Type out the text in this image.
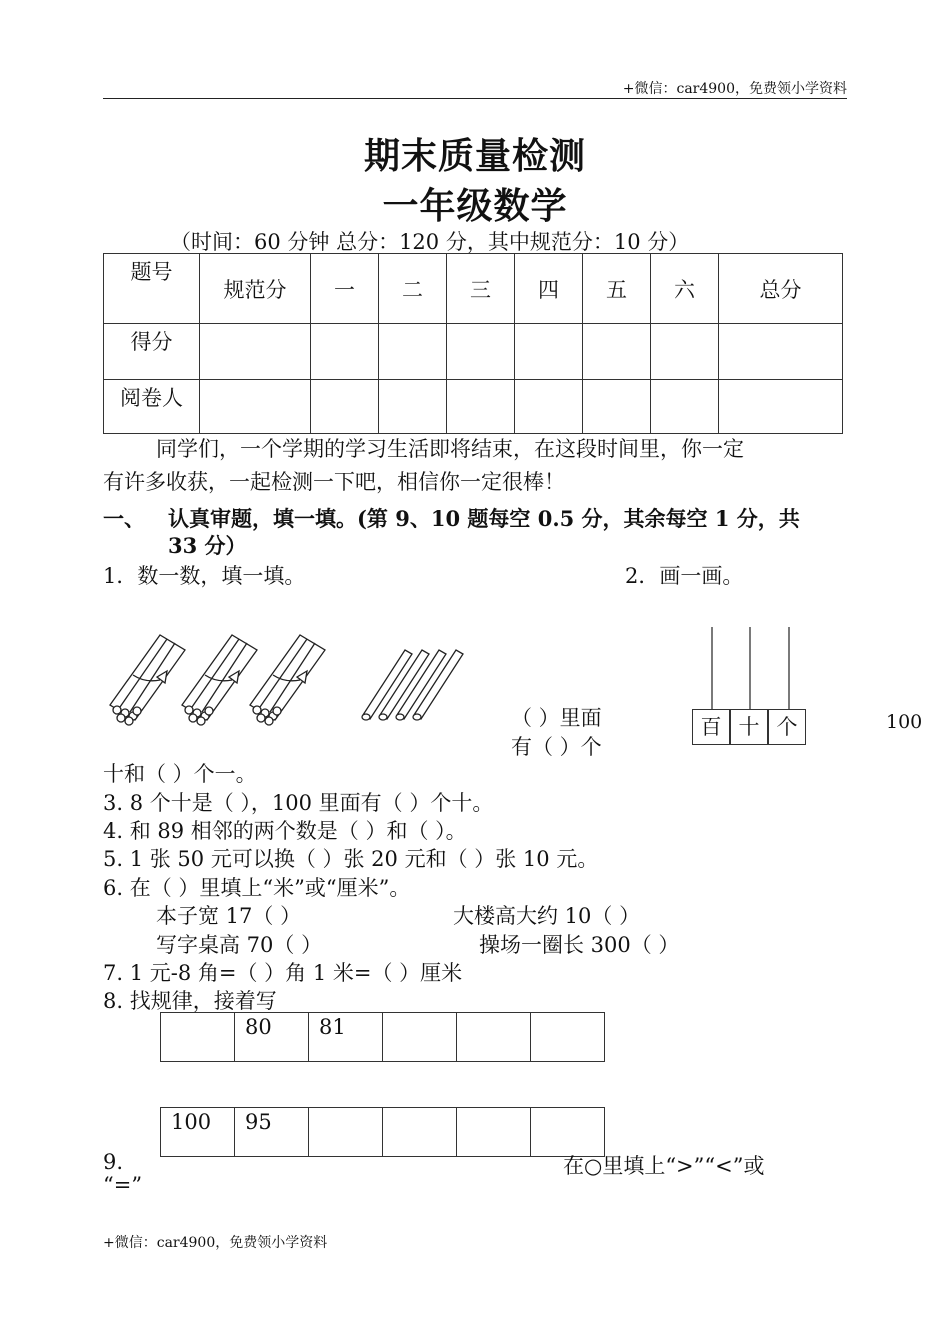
+微信：car4900，免费领小学资料
期末质量检测
一年级数学
（时间：60 分钟 总分：120 分，其中规范分：10 分）
题号	规范分	一	二	三	四	五	六	总分
得分								
阅卷人								
同学们，一个学期的学习生活即将结束，在这段时间里，你一定
有许多收获，一起检测一下吧，相信你一定很棒！
一、 认真审题，填一填。(第 9、10 题每空 0.5 分，其余每空 1 分，共
33 分）
1．数一数，填一填。	2．画一画。
（ ）里面
有（ ）个
百 十 个	100
十和（ ）个一。
3. 8 个十是（ ），100 里面有（ ）个十。
4. 和 89 相邻的两个数是（ ）和（ ）。
5. 1 张 50 元可以换（ ）张 20 元和（ ）张 10 元。
6. 在（ ）里填上“米”或“厘米”。
本子宽 17（ ）	大楼高大约 10（ ）
写字桌高 70（ ）	操场一圈长 300（ ）
7. 1 元-8 角=（ ）角 1 米=（ ）厘米
8. 找规律，接着写
	80	81			
100	95				
9.	在○里填上“>”“<”或
“=”
+微信：car4900，免费领小学资料
